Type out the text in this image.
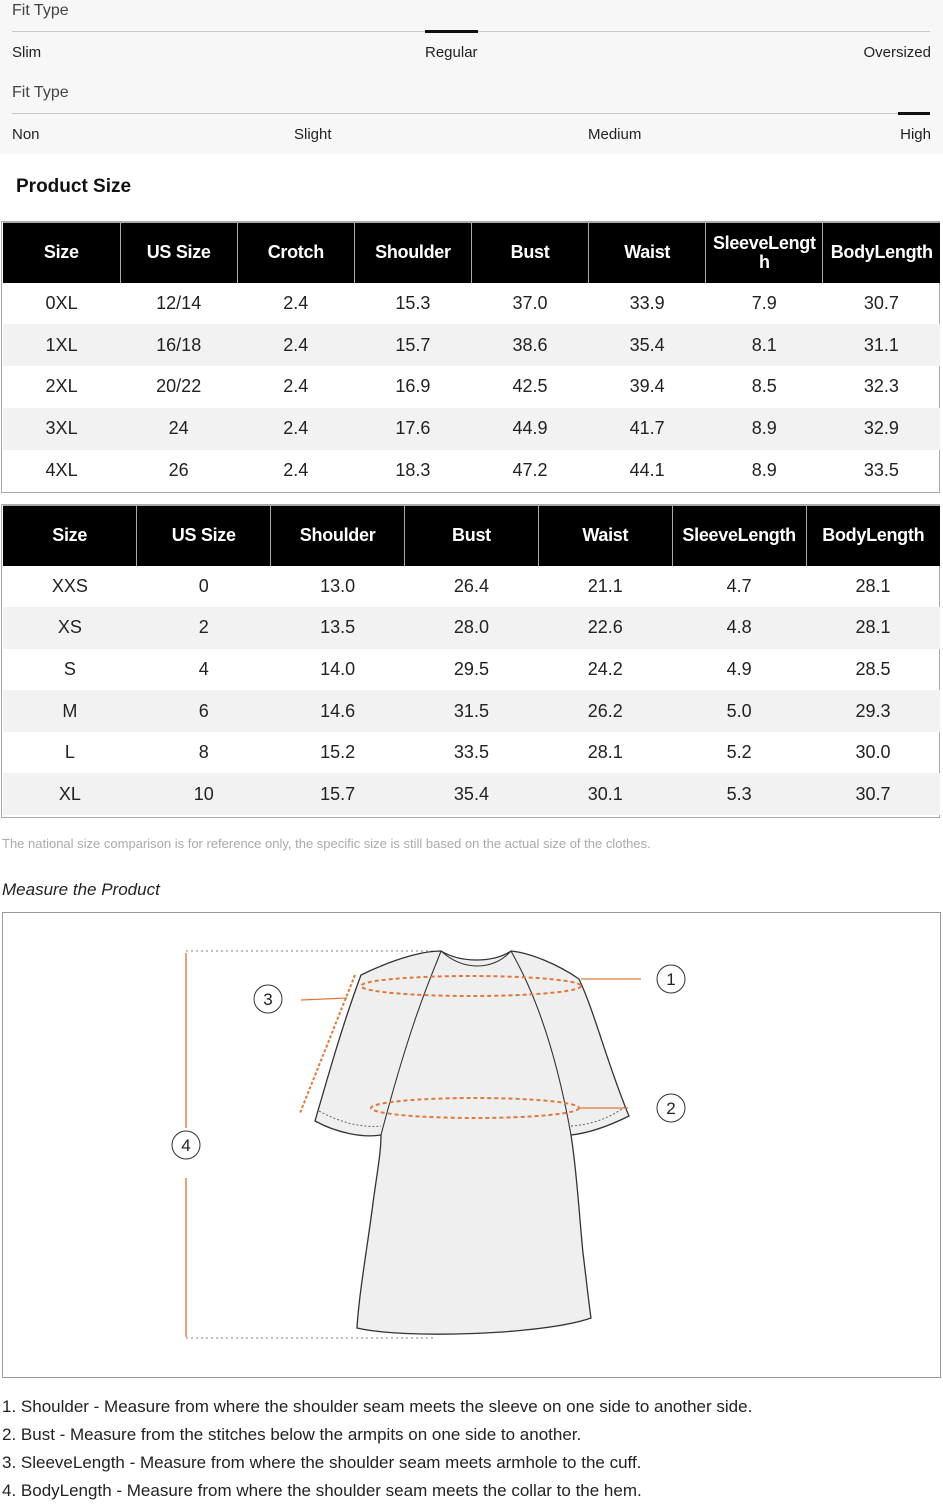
Fit Type
Slim	Regular	Oversized
Fit Type
Non	Slight	Medium	High
Product Size
Size	US Size	Crotch	Shoulder	Bust	Waist	SleeveLength	BodyLength
0XL	12/14	2.4	15.3	37.0	33.9	7.9	30.7
1XL	16/18	2.4	15.7	38.6	35.4	8.1	31.1
2XL	20/22	2.4	16.9	42.5	39.4	8.5	32.3
3XL	24	2.4	17.6	44.9	41.7	8.9	32.9
4XL	26	2.4	18.3	47.2	44.1	8.9	33.5
Size	US Size	Shoulder	Bust	Waist	SleeveLength	BodyLength
XXS	0	13.0	26.4	21.1	4.7	28.1
XS	2	13.5	28.0	22.6	4.8	28.1
S	4	14.0	29.5	24.2	4.9	28.5
M	6	14.6	31.5	26.2	5.0	29.3
L	8	15.2	33.5	28.1	5.2	30.0
XL	10	15.7	35.4	30.1	5.3	30.7
The national size comparison is for reference only, the specific size is still based on the actual size of the clothes.
Measure the Product
1
2
3
4
1. Shoulder - Measure from where the shoulder seam meets the sleeve on one side to another side.
2. Bust - Measure from the stitches below the armpits on one side to another.
3. SleeveLength - Measure from where the shoulder seam meets armhole to the cuff.
4. BodyLength - Measure from where the shoulder seam meets the collar to the hem.
